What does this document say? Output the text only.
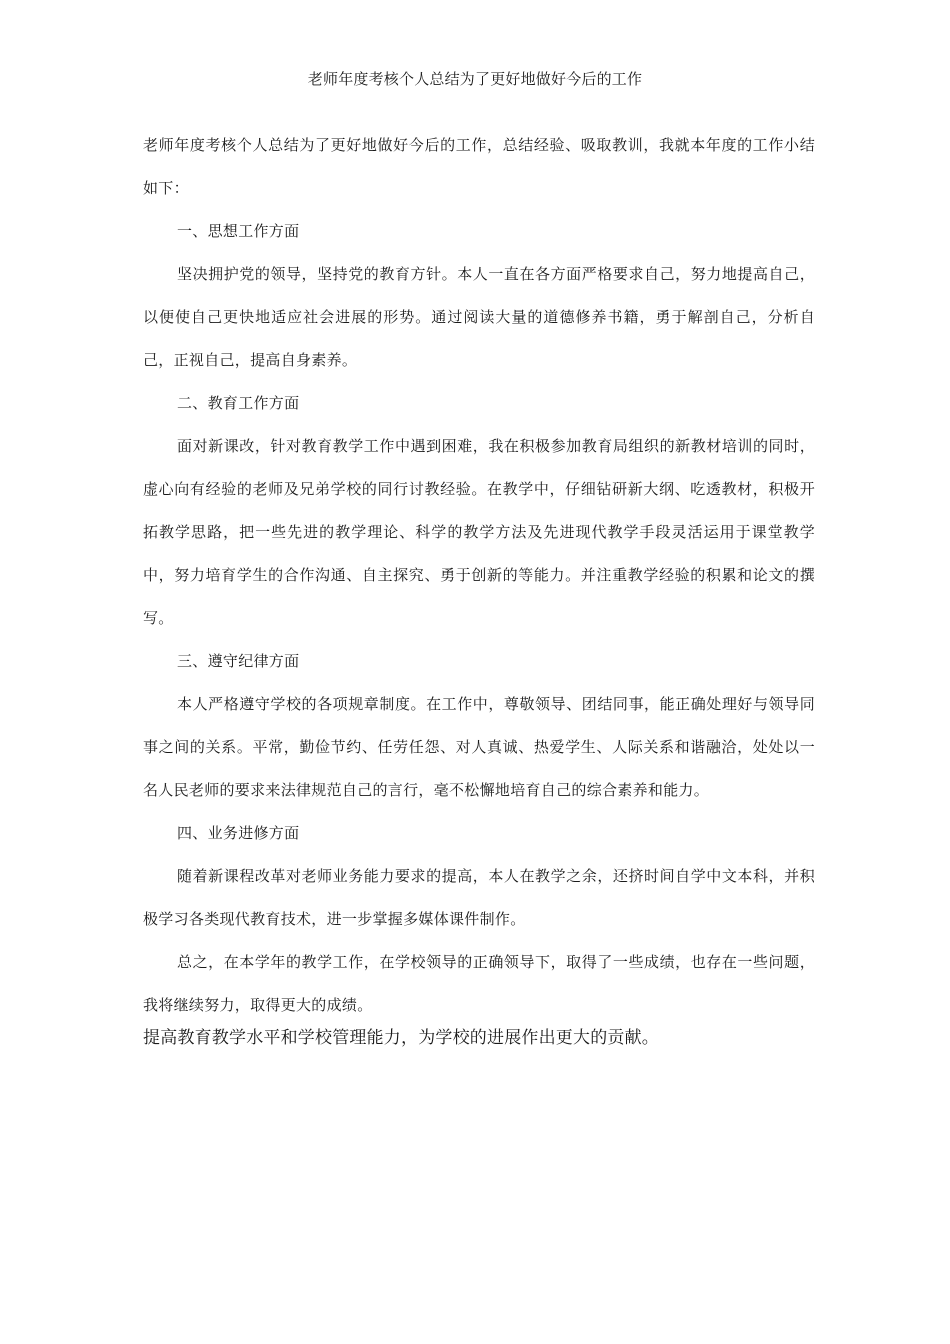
老师年度考核个人总结为了更好地做好今后的工作

老师年度考核个人总结为了更好地做好今后的工作，总结经验、吸取教训，我就本年度的工作小结如下：

一、思想工作方面

坚决拥护党的领导，坚持党的教育方针。本人一直在各方面严格要求自己，努力地提高自己，以便使自己更快地适应社会进展的形势。通过阅读大量的道德修养书籍，勇于解剖自己，分析自己，正视自己，提高自身素养。

二、教育工作方面

面对新课改，针对教育教学工作中遇到困难，我在积极参加教育局组织的新教材培训的同时，虚心向有经验的老师及兄弟学校的同行讨教经验。在教学中，仔细钻研新大纲、吃透教材，积极开拓教学思路，把一些先进的教学理论、科学的教学方法及先进现代教学手段灵活运用于课堂教学中，努力培育学生的合作沟通、自主探究、勇于创新的等能力。并注重教学经验的积累和论文的撰写。

三、遵守纪律方面

本人严格遵守学校的各项规章制度。在工作中，尊敬领导、团结同事，能正确处理好与领导同事之间的关系。平常，勤俭节约、任劳任怨、对人真诚、热爱学生、人际关系和谐融洽，处处以一名人民老师的要求来法律规范自己的言行，毫不松懈地培育自己的综合素养和能力。

四、业务进修方面

随着新课程改革对老师业务能力要求的提高，本人在教学之余，还挤时间自学中文本科，并积极学习各类现代教育技术，进一步掌握多媒体课件制作。

总之，在本学年的教学工作，在学校领导的正确领导下，取得了一些成绩，也存在一些问题，我将继续努力，取得更大的成绩。

提高教育教学水平和学校管理能力，为学校的进展作出更大的贡献。
